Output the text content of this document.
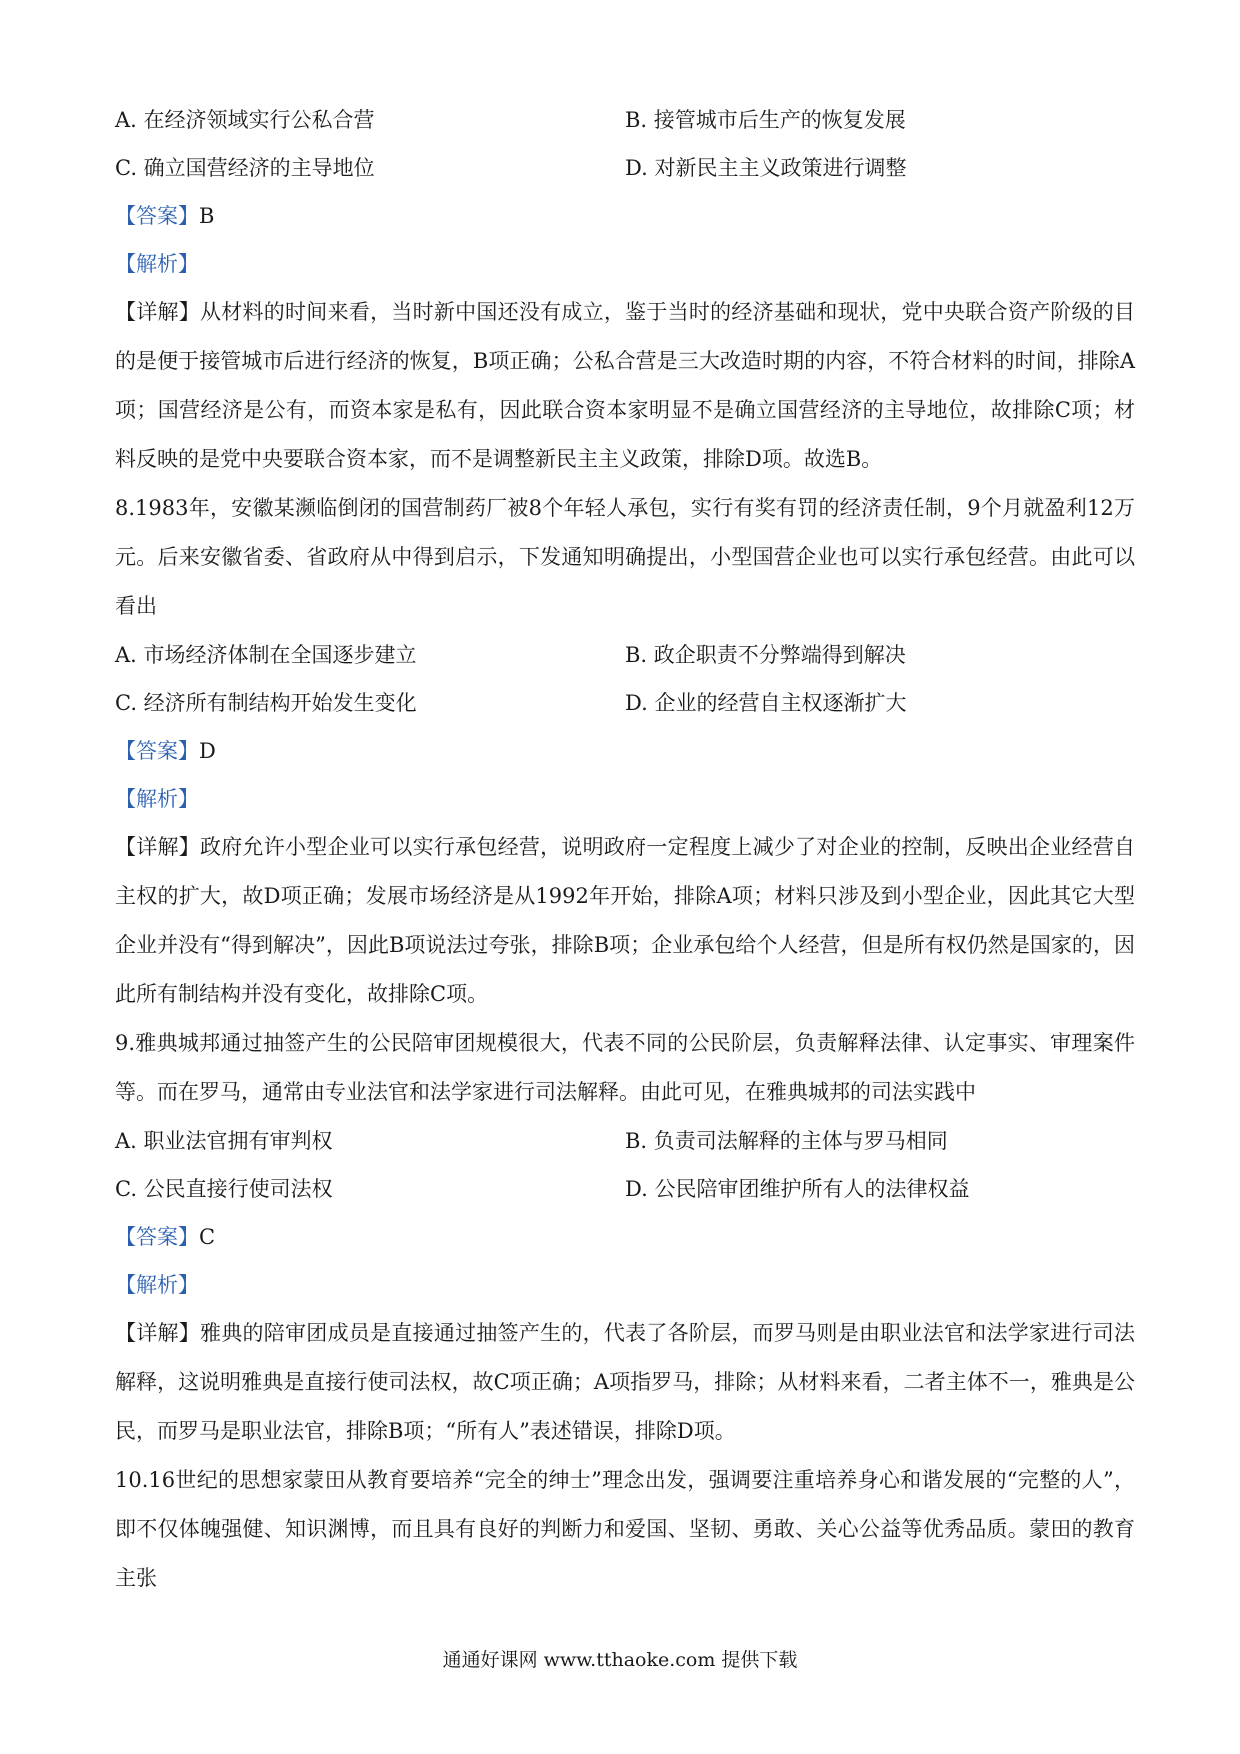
A. 在经济领域实行公私合营	B. 接管城市后生产的恢复发展
C. 确立国营经济的主导地位	D. 对新民主主义政策进行调整
【答案】B
【解析】

【详解】从材料的时间来看，当时新中国还没有成立，鉴于当时的经济基础和现状，党中央联合资产阶级的目的是便于接管城市后进行经济的恢复，B项正确；公私合营是三大改造时期的内容，不符合材料的时间，排除A项；国营经济是公有，而资本家是私有，因此联合资本家明显不是确立国营经济的主导地位，故排除C项；材料反映的是党中央要联合资本家，而不是调整新民主主义政策，排除D项。故选B。

8.1983年，安徽某濒临倒闭的国营制药厂被8个年轻人承包，实行有奖有罚的经济责任制，9个月就盈利12万元。后来安徽省委、省政府从中得到启示，下发通知明确提出，小型国营企业也可以实行承包经营。由此可以看出

A. 市场经济体制在全国逐步建立	B. 政企职责不分弊端得到解决
C. 经济所有制结构开始发生变化	D. 企业的经营自主权逐渐扩大
【答案】D
【解析】

【详解】政府允许小型企业可以实行承包经营，说明政府一定程度上减少了对企业的控制，反映出企业经营自主权的扩大，故D项正确；发展市场经济是从1992年开始，排除A项；材料只涉及到小型企业，因此其它大型企业并没有“得到解决”，因此B项说法过夸张，排除B项；企业承包给个人经营，但是所有权仍然是国家的，因此所有制结构并没有变化，故排除C项。

9.雅典城邦通过抽签产生的公民陪审团规模很大，代表不同的公民阶层，负责解释法律、认定事实、审理案件等。而在罗马，通常由专业法官和法学家进行司法解释。由此可见，在雅典城邦的司法实践中

A. 职业法官拥有审判权	B. 负责司法解释的主体与罗马相同
C. 公民直接行使司法权	D. 公民陪审团维护所有人的法律权益
【答案】C
【解析】

【详解】雅典的陪审团成员是直接通过抽签产生的，代表了各阶层，而罗马则是由职业法官和法学家进行司法解释，这说明雅典是直接行使司法权，故C项正确；A项指罗马，排除；从材料来看，二者主体不一，雅典是公民，而罗马是职业法官，排除B项；“所有人”表述错误，排除D项。

10.16世纪的思想家蒙田从教育要培养“完全的绅士”理念出发，强调要注重培养身心和谐发展的“完整的人”，即不仅体魄强健、知识渊博，而且具有良好的判断力和爱国、坚韧、勇敢、关心公益等优秀品质。蒙田的教育主张

通通好课网 www.tthaoke.com 提供下载
